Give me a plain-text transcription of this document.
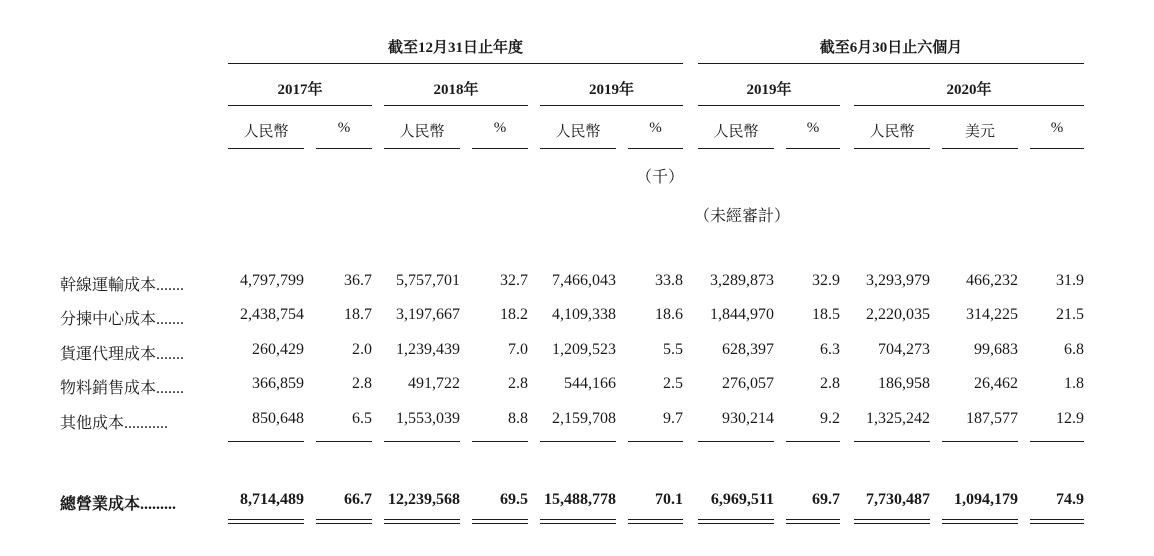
截至12月31日止年度	截至6月30日止六個月
2017年	2018年	2019年	2019年	2020年
人民幣	%	人民幣	%	人民幣	%	人民幣	%	人民幣	美元	%
（千）
（未經審計）
幹線運輸成本.......	4,797,799	36.7 5,757,701	32.7 7,466,043 33.8 3,289,873 32.9 3,293,979 466,232 31.9
分揀中心成本.......	2,438,754	18.7 3,197,667	18.2 4,109,338 18.6 1,844,970 18.5 2,220,035 314,225 21.5
貨運代理成本.......	260,429	2.0 1,239,439	7.0 1,209,523	5.5 628,397	6.3 704,273	99,683	6.8
物料銷售成本.......	366,859	2.8 491,722	2.8 544,166	2.5 276,057	2.8 186,958	26,462	1.8
其他成本...........	850,648	6.5 1,553,039	8.8 2,159,708	9.7 930,214	9.2 1,325,242 187,577 12.9
總營業成本.........	8,714,489	66.7 12,239,568	69.5 15,488,778 70.1 6,969,511 69.7 7,730,487 1,094,179 74.9
